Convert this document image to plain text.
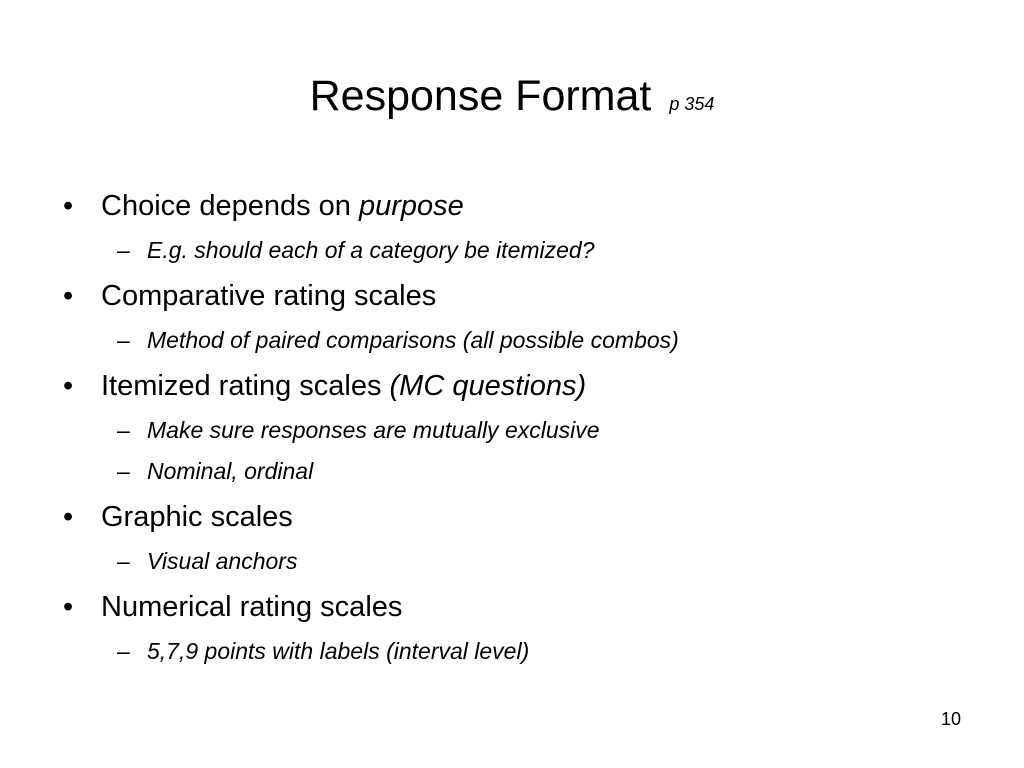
Response Format p 354
• Choice depends on purpose
– E.g. should each of a category be itemized?
• Comparative rating scales
– Method of paired comparisons (all possible combos)
• Itemized rating scales (MC questions)
– Make sure responses are mutually exclusive
– Nominal, ordinal
• Graphic scales
– Visual anchors
• Numerical rating scales
– 5,7,9 points with labels (interval level)
10
